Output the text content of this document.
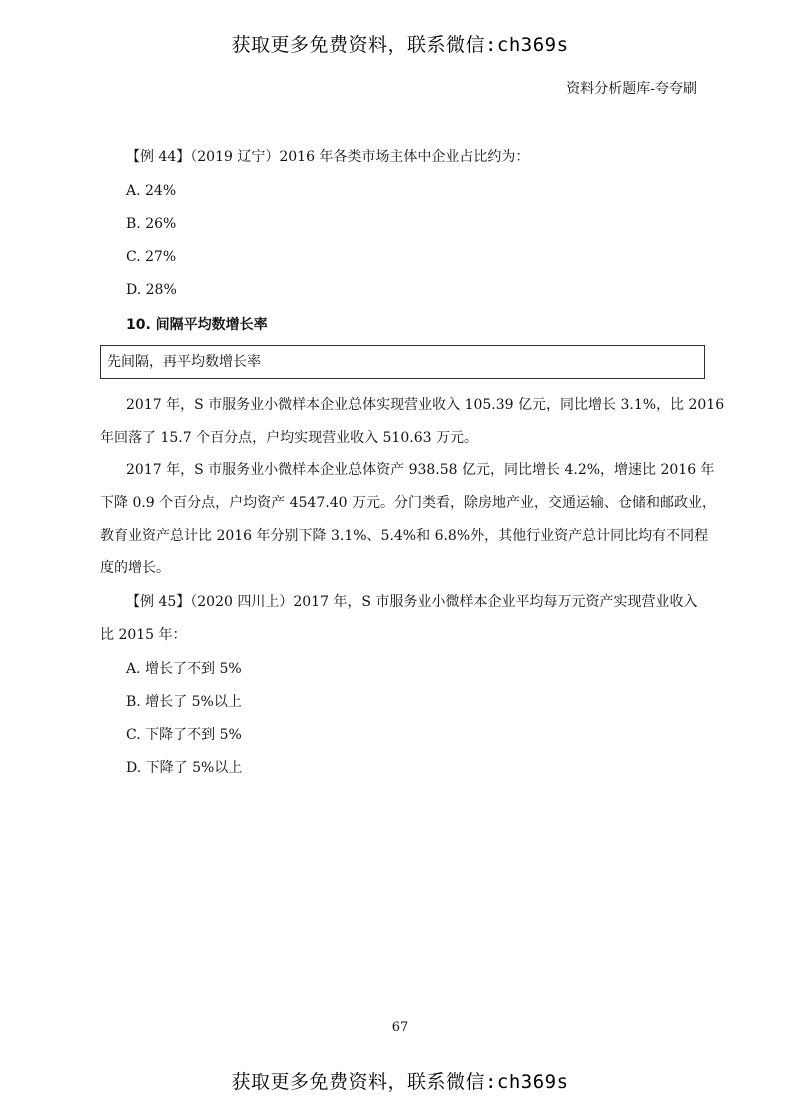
获取更多免费资料，联系微信:ch369s
资料分析题库-夸夸刷
【例 44】（2019 辽宁）2016 年各类市场主体中企业占比约为：
A. 24%
B. 26%
C. 27%
D. 28%
10. 间隔平均数增长率
先间隔，再平均数增长率
2017 年，S 市服务业小微样本企业总体实现营业收入 105.39 亿元，同比增长 3.1%，比 2016
年回落了 15.7 个百分点，户均实现营业收入 510.63 万元。
2017 年，S 市服务业小微样本企业总体资产 938.58 亿元，同比增长 4.2%，增速比 2016 年
下降 0.9 个百分点，户均资产 4547.40 万元。分门类看，除房地产业，交通运输、仓储和邮政业，
教育业资产总计比 2016 年分别下降 3.1%、5.4%和 6.8%外，其他行业资产总计同比均有不同程
度的增长。
【例 45】（2020 四川上）2017 年，S 市服务业小微样本企业平均每万元资产实现营业收入
比 2015 年：
A. 增长了不到 5%
B. 增长了 5%以上
C. 下降了不到 5%
D. 下降了 5%以上
67
获取更多免费资料，联系微信:ch369s
